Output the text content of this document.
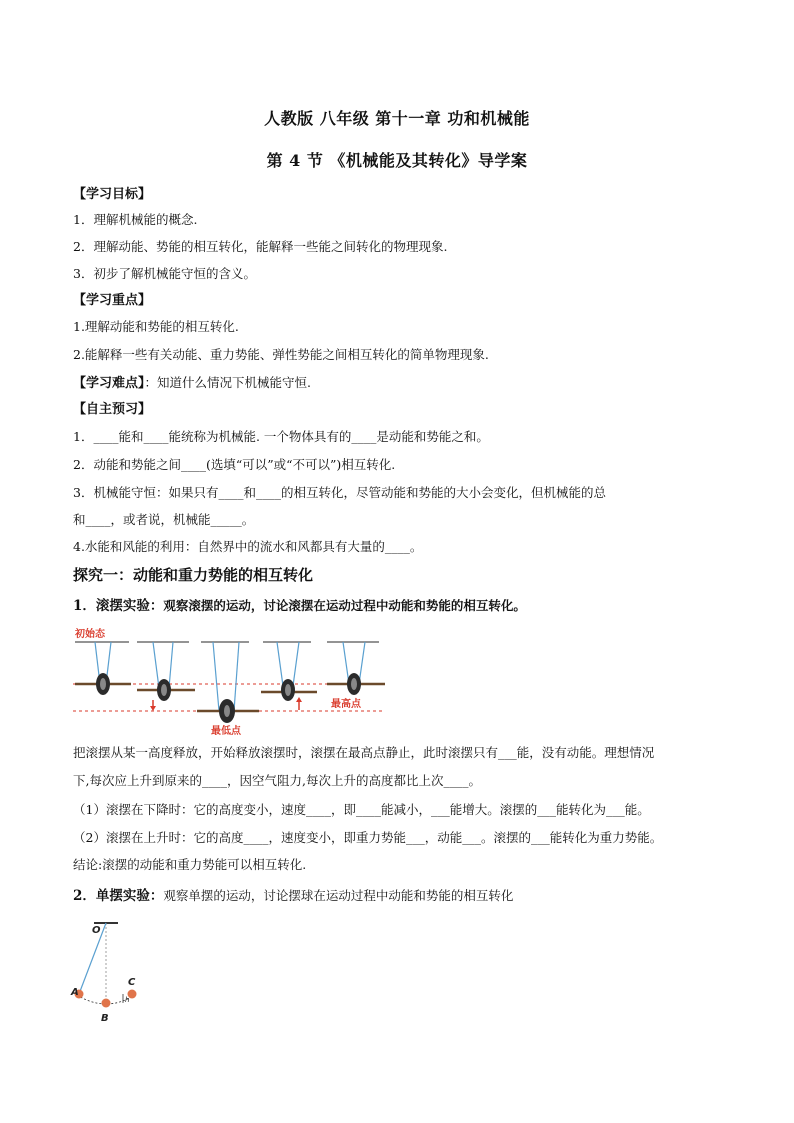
人教版 八年级 第十一章 功和机械能
第 4 节 《机械能及其转化》导学案
【学习目标】
1．理解机械能的概念.
2．理解动能、势能的相互转化，能解释一些能之间转化的物理现象.
3．初步了解机械能守恒的含义。
【学习重点】
1.理解动能和势能的相互转化.
2.能解释一些有关动能、重力势能、弹性势能之间相互转化的简单物理现象.
【学习难点】：知道什么情况下机械能守恒.
【自主预习】
1．____能和____能统称为机械能. 一个物体具有的____是动能和势能之和。
2．动能和势能之间____(选填“可以”或“不可以”)相互转化.
3．机械能守恒：如果只有____和____的相互转化，尽管动能和势能的大小会变化，但机械能的总
和____，或者说，机械能_____。
4.水能和风能的利用：自然界中的流水和风都具有大量的____。
探究一：动能和重力势能的相互转化
1．滚摆实验：观察滚摆的运动，讨论滚摆在运动过程中动能和势能的相互转化。
最低点
最高点
初始态
把滚摆从某一高度释放，开始释放滚摆时，滚摆在最高点静止，此时滚摆只有___能，没有动能。理想情况
下,每次应上升到原来的____，因空气阻力,每次上升的高度都比上次____。
（1）滚摆在下降时：它的高度变小，速度____，即____能减小，___能增大。滚摆的___能转化为___能。
（2）滚摆在上升时：它的高度____，速度变小，即重力势能___，动能___。滚摆的___能转化为重力势能。
结论:滚摆的动能和重力势能可以相互转化.
2．单摆实验：观察单摆的运动，讨论摆球在运动过程中动能和势能的相互转化
O
A
B
C
h
